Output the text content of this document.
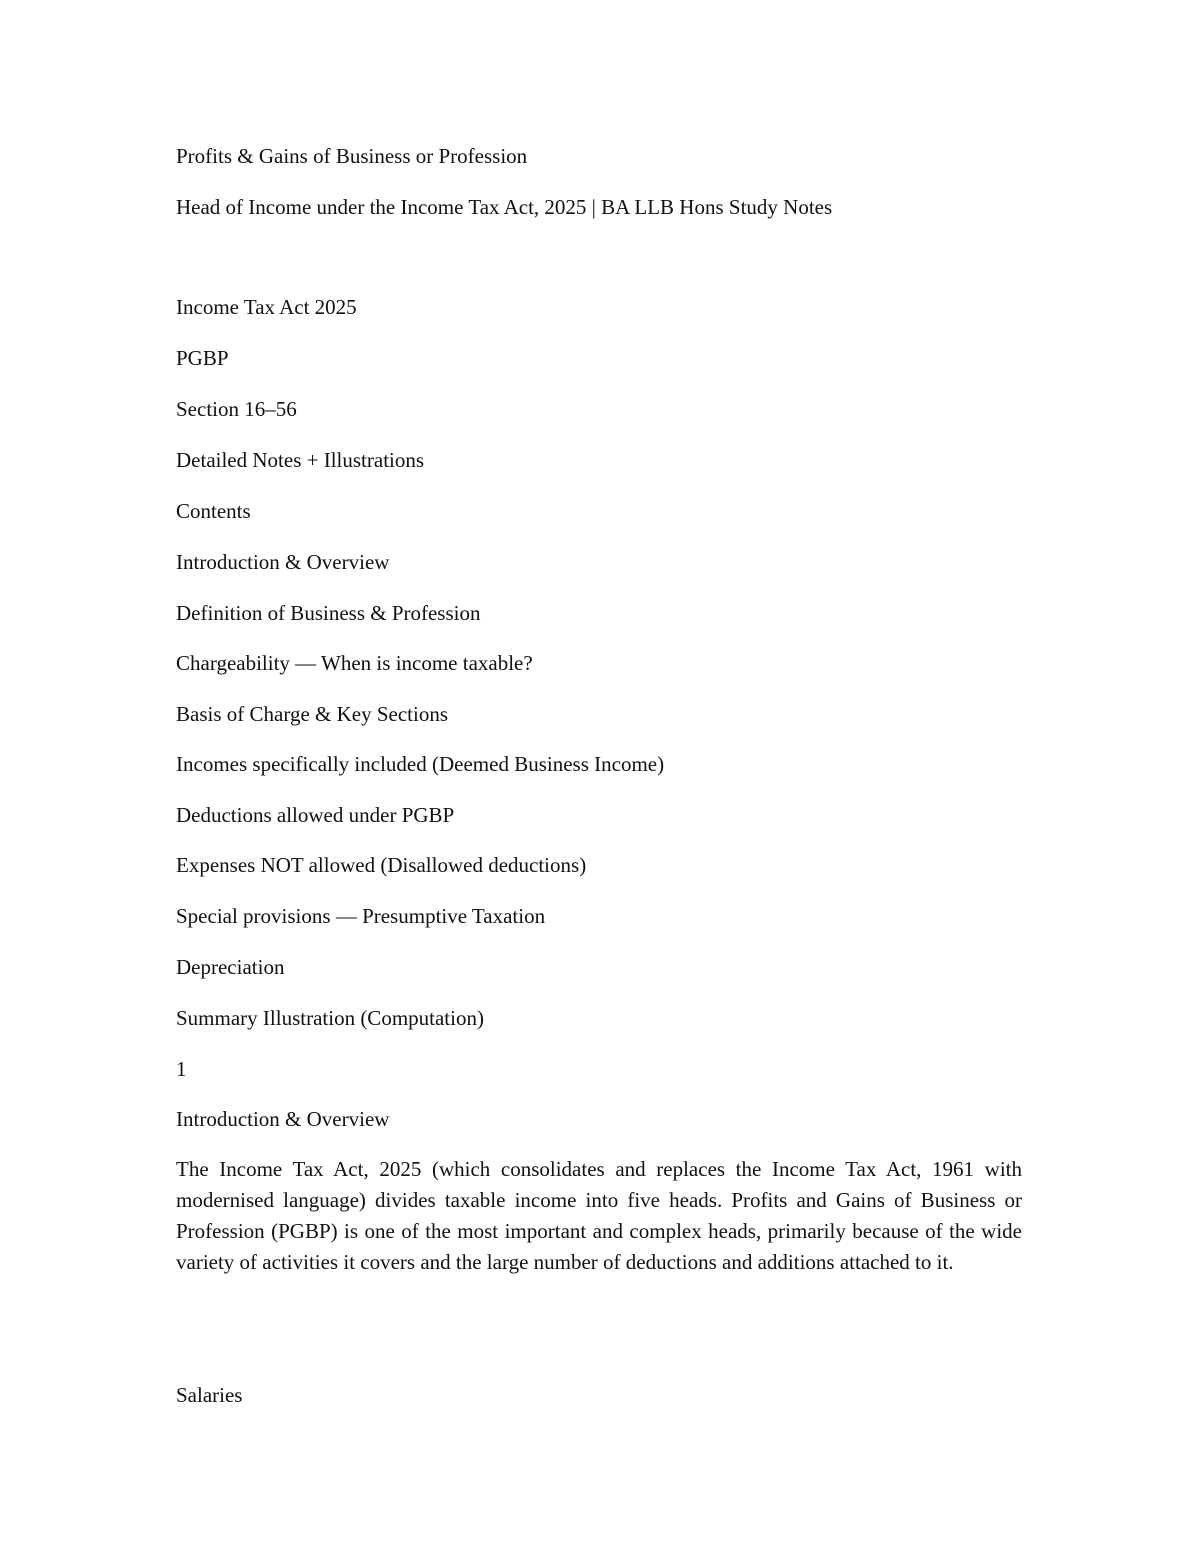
Profits & Gains of Business or Profession
Head of Income under the Income Tax Act, 2025 | BA LLB Hons Study Notes
Income Tax Act 2025
PGBP
Section 16–56
Detailed Notes + Illustrations
Contents
Introduction & Overview
Definition of Business & Profession
Chargeability — When is income taxable?
Basis of Charge & Key Sections
Incomes specifically included (Deemed Business Income)
Deductions allowed under PGBP
Expenses NOT allowed (Disallowed deductions)
Special provisions — Presumptive Taxation
Depreciation
Summary Illustration (Computation)
1
Introduction & Overview
The Income Tax Act, 2025 (which consolidates and replaces the Income Tax Act, 1961 with modernised language) divides taxable income into five heads. Profits and Gains of Business or Profession (PGBP) is one of the most important and complex heads, primarily because of the wide variety of activities it covers and the large number of deductions and additions attached to it.
Salaries
